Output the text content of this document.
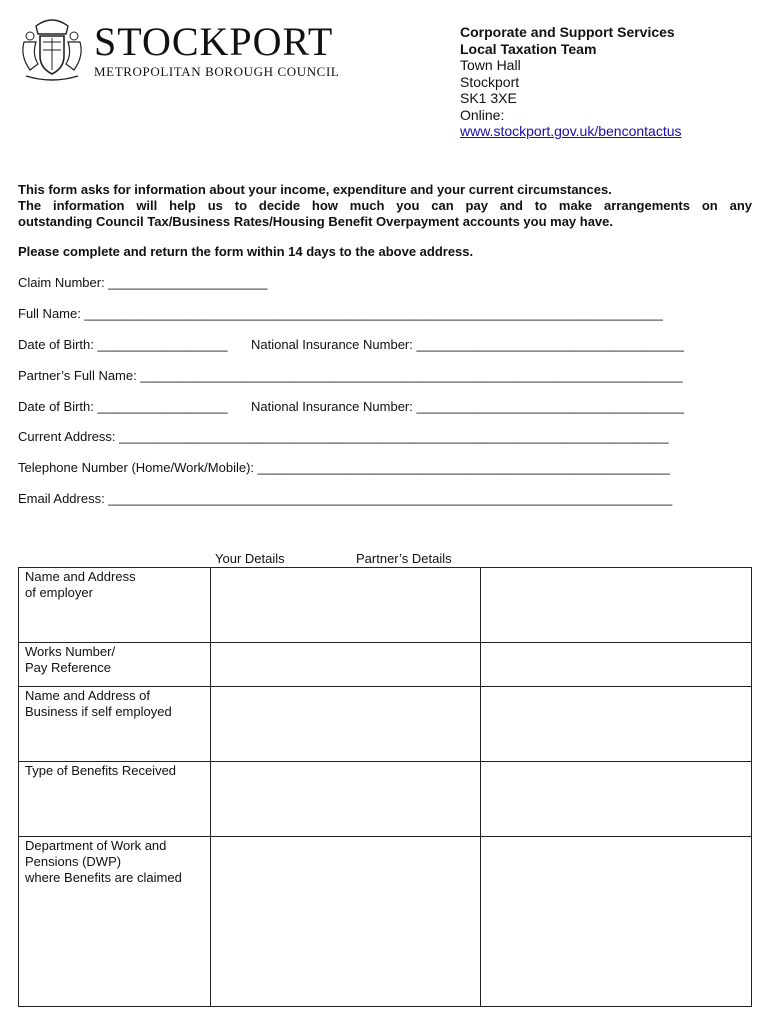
STOCKPORT
METROPOLITAN BOROUGH COUNCIL
Corporate and Support Services
Local Taxation Team
Town Hall
Stockport
SK1 3XE
Online:
www.stockport.gov.uk/bencontactus

This form asks for information about your income, expenditure and your current circumstances.

The information will help us to decide how much you can pay and to make arrangements on any

outstanding Council Tax/Business Rates/Housing Benefit Overpayment accounts you may have.

Please complete and return the form within 14 days to the above address.

Claim Number: ______________________
Full Name: ________________________________________________________________________________
Date of Birth: __________________ National Insurance Number: _____________________________________
Partner’s Full Name: ___________________________________________________________________________
Date of Birth: __________________ National Insurance Number: _____________________________________
Current Address: ____________________________________________________________________________
Telephone Number (Home/Work/Mobile): _________________________________________________________
Email Address: ______________________________________________________________________________
Your Details	Partner’s Details
Name and Address
of employer		

Works Number/
Pay Reference		

Name and Address of
Business if self employed		

Type of Benefits Received		

Department of Work and
Pensions (DWP)
where Benefits are claimed		
